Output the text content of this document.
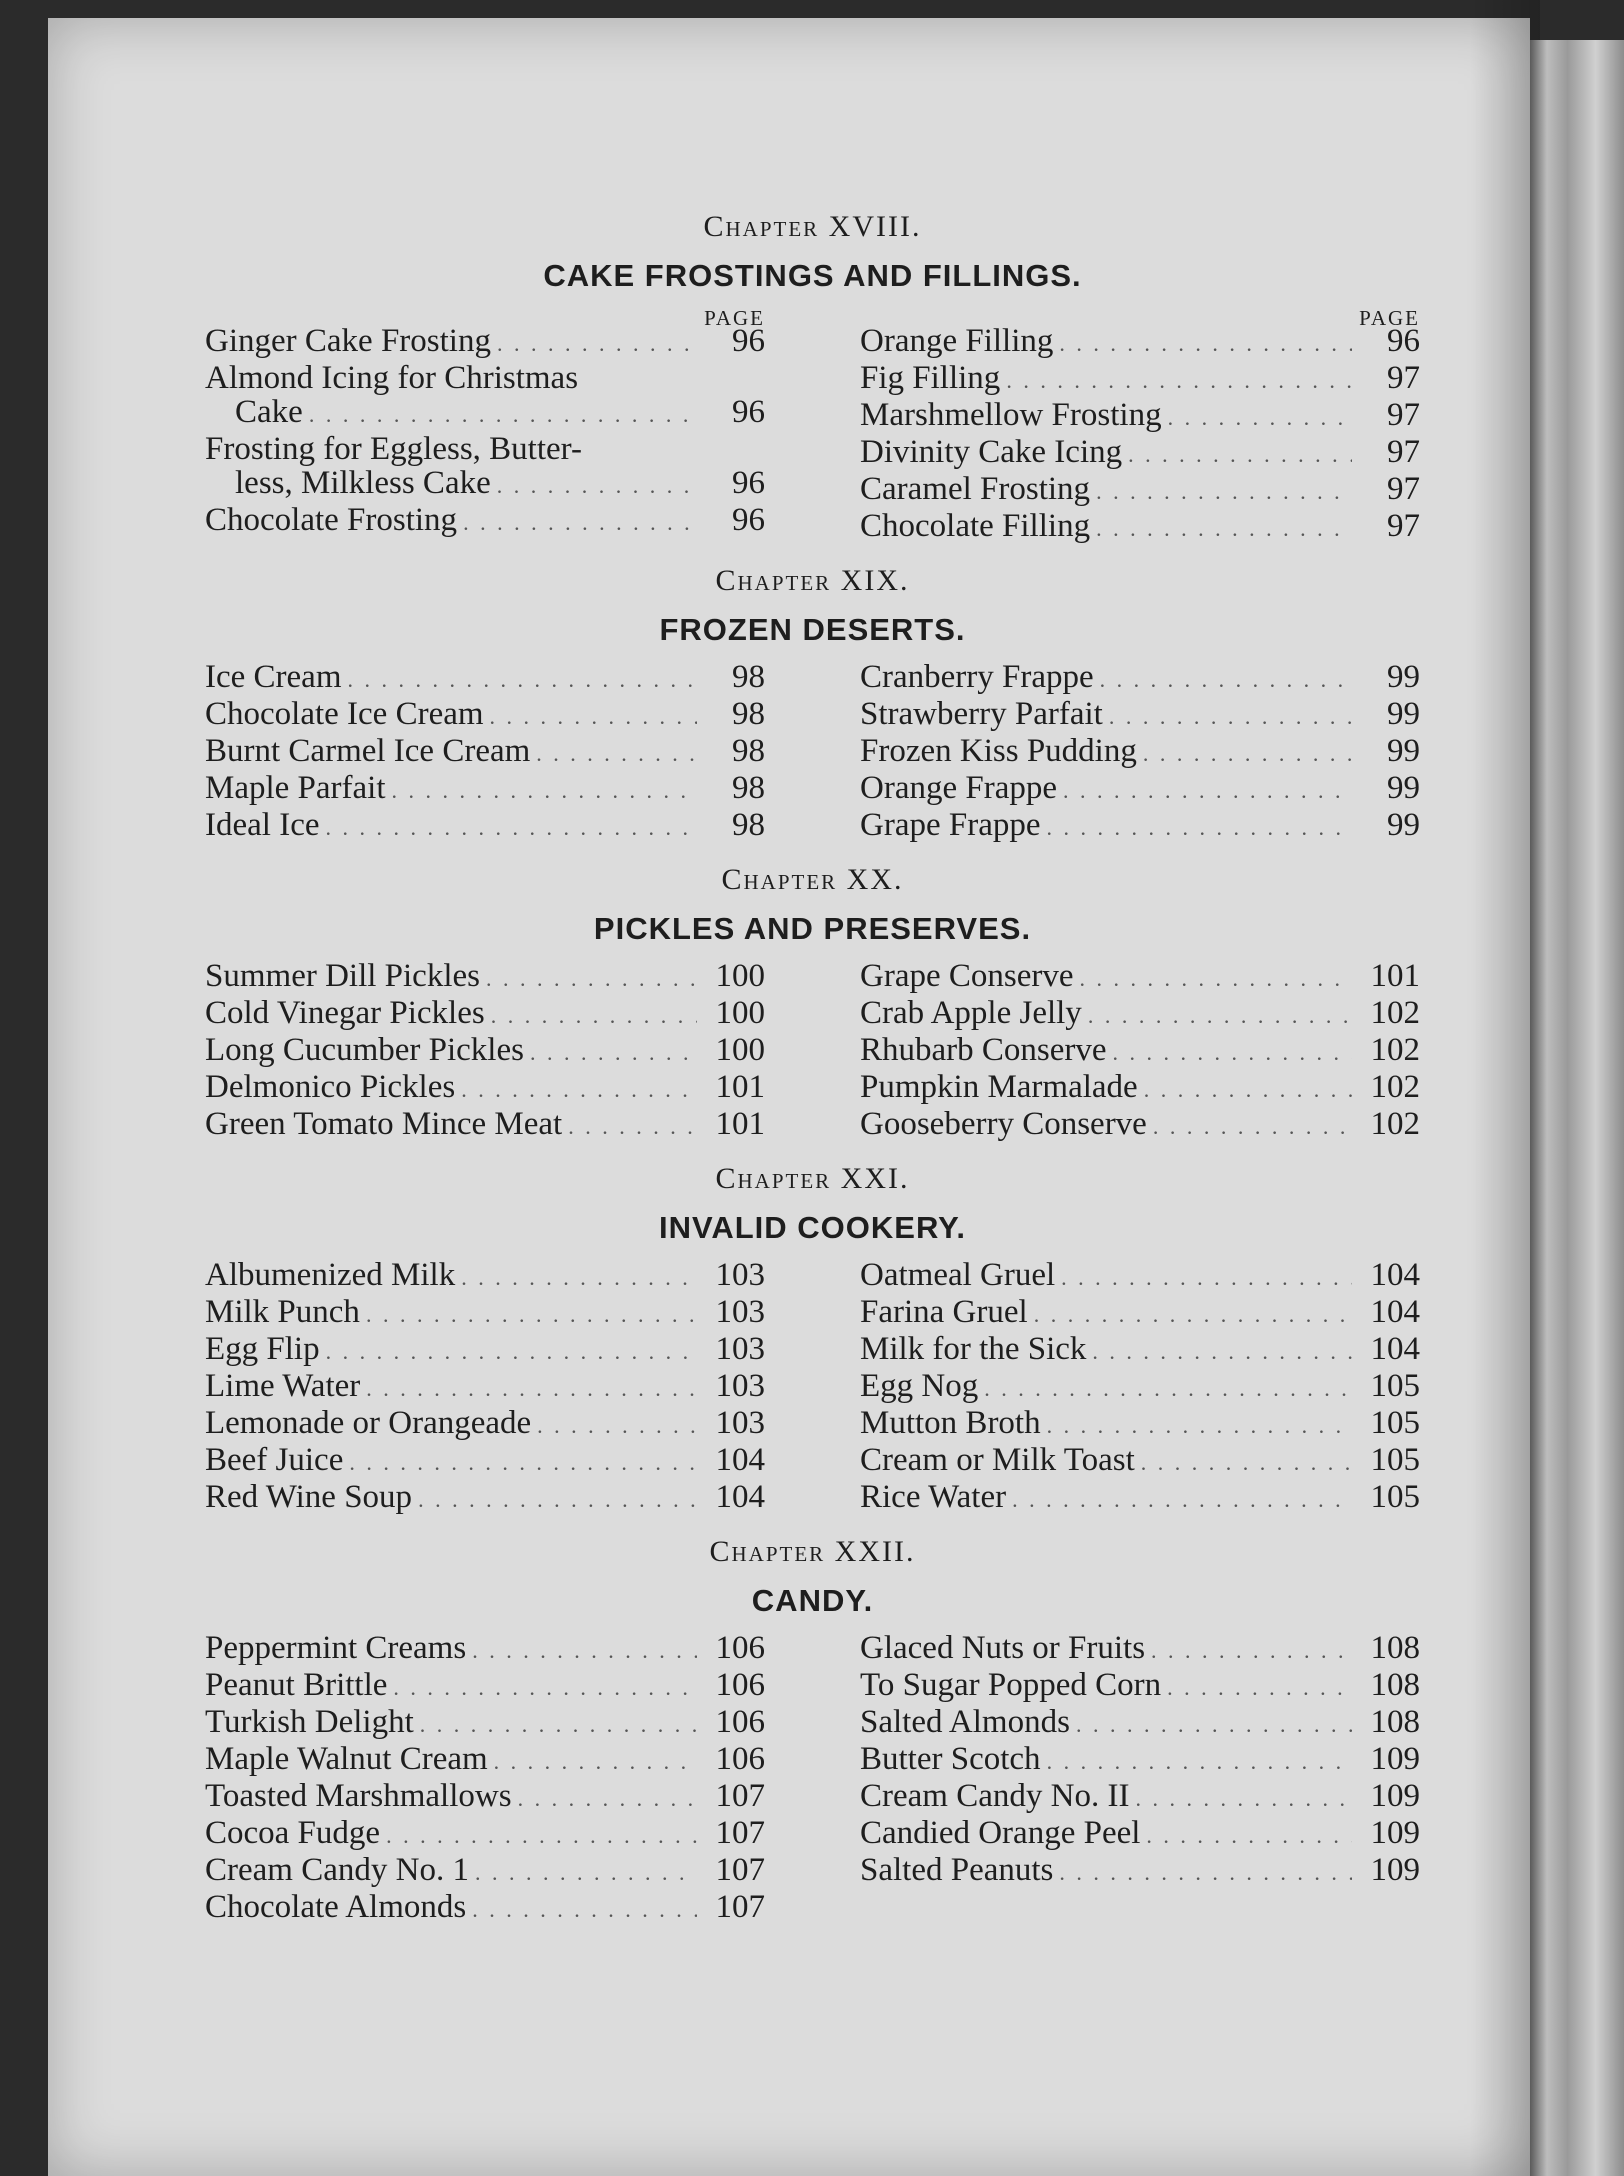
Chapter XVIII.

CAKE FROSTINGS AND FILLINGS.
PAGE
Ginger Cake Frosting . . .	96
Almond Icing for Christmas
Cake . . .	96
Frosting for Eggless, Butter-
less, Milkless Cake . . .	96
Chocolate Frosting . . .	96
PAGE
Orange Filling . . .	96
Fig Filling . . .	97
Marshmellow Frosting . . .	97
Divinity Cake Icing . . .	97
Caramel Frosting . . .	97
Chocolate Filling . . .	97

Chapter XIX.

FROZEN DESERTS.
Ice Cream . . .	98
Chocolate Ice Cream . . .	98
Burnt Carmel Ice Cream . . .	98
Maple Parfait . . .	98
Ideal Ice . . .	98
Cranberry Frappe . . .	99
Strawberry Parfait . . .	99
Frozen Kiss Pudding . . .	99
Orange Frappe . . .	99
Grape Frappe . . .	99

Chapter XX.

PICKLES AND PRESERVES.
Summer Dill Pickles . . .	100
Cold Vinegar Pickles . . .	100
Long Cucumber Pickles . . .	100
Delmonico Pickles . . .	101
Green Tomato Mince Meat . . .	101
Grape Conserve . . .	101
Crab Apple Jelly . . .	102
Rhubarb Conserve . . .	102
Pumpkin Marmalade . . .	102
Gooseberry Conserve . . .	102

Chapter XXI.

INVALID COOKERY.
Albumenized Milk . . .	103
Milk Punch . . .	103
Egg Flip . . .	103
Lime Water . . .	103
Lemonade or Orangeade . . .	103
Beef Juice . . .	104
Red Wine Soup . . .	104
Oatmeal Gruel . . .	104
Farina Gruel . . .	104
Milk for the Sick . . .	104
Egg Nog . . .	105
Mutton Broth . . .	105
Cream or Milk Toast . . .	105
Rice Water . . .	105

Chapter XXII.

CANDY.
Peppermint Creams . . .	106
Peanut Brittle . . .	106
Turkish Delight . . .	106
Maple Walnut Cream . . .	106
Toasted Marshmallows . . .	107
Cocoa Fudge . . .	107
Cream Candy No. 1 . . .	107
Chocolate Almonds . . .	107
Glaced Nuts or Fruits . . .	108
To Sugar Popped Corn . . .	108
Salted Almonds . . .	108
Butter Scotch . . .	109
Cream Candy No. II . . .	109
Candied Orange Peel . . .	109
Salted Peanuts . . .	109
